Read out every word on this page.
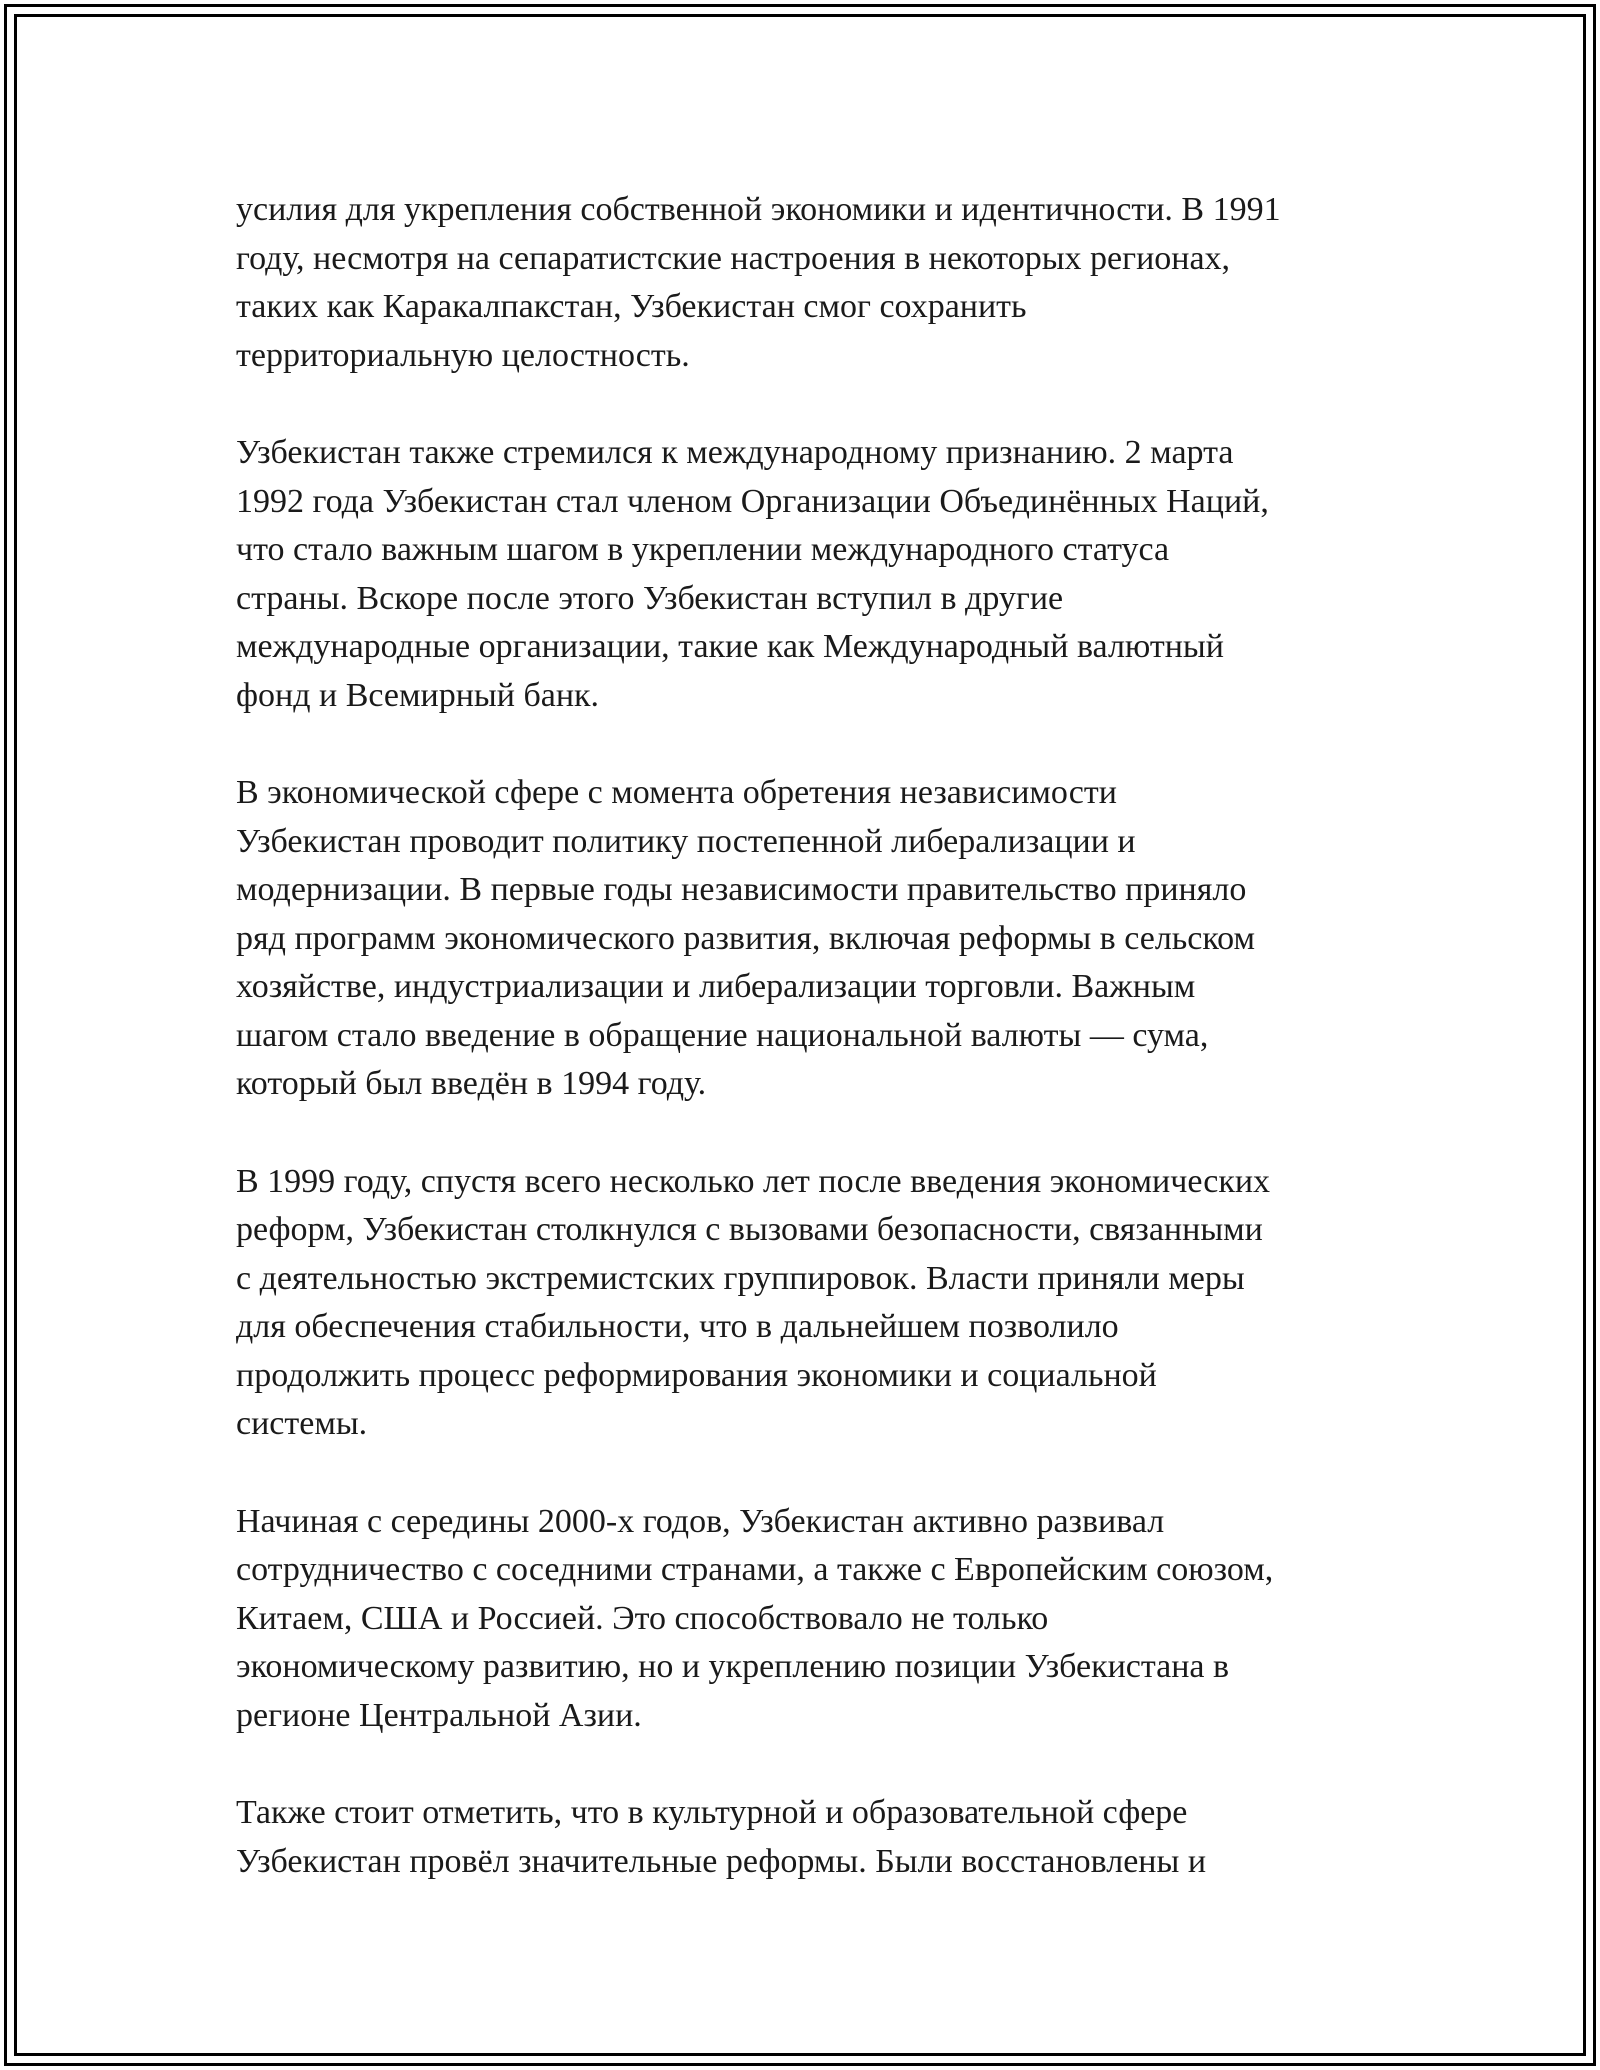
усилия для укрепления собственной экономики и идентичности. В 1991
году, несмотря на сепаратистские настроения в некоторых регионах,
таких как Каракалпакстан, Узбекистан смог сохранить
территориальную целостность.

Узбекистан также стремился к международному признанию. 2 марта
1992 года Узбекистан стал членом Организации Объединённых Наций,
что стало важным шагом в укреплении международного статуса
страны. Вскоре после этого Узбекистан вступил в другие
международные организации, такие как Международный валютный
фонд и Всемирный банк.

В экономической сфере с момента обретения независимости
Узбекистан проводит политику постепенной либерализации и
модернизации. В первые годы независимости правительство приняло
ряд программ экономического развития, включая реформы в сельском
хозяйстве, индустриализации и либерализации торговли. Важным
шагом стало введение в обращение национальной валюты — сума,
который был введён в 1994 году.

В 1999 году, спустя всего несколько лет после введения экономических
реформ, Узбекистан столкнулся с вызовами безопасности, связанными
с деятельностью экстремистских группировок. Власти приняли меры
для обеспечения стабильности, что в дальнейшем позволило
продолжить процесс реформирования экономики и социальной
системы.

Начиная с середины 2000-х годов, Узбекистан активно развивал
сотрудничество с соседними странами, а также с Европейским союзом,
Китаем, США и Россией. Это способствовало не только
экономическому развитию, но и укреплению позиции Узбекистана в
регионе Центральной Азии.

Также стоит отметить, что в культурной и образовательной сфере
Узбекистан провёл значительные реформы. Были восстановлены и
